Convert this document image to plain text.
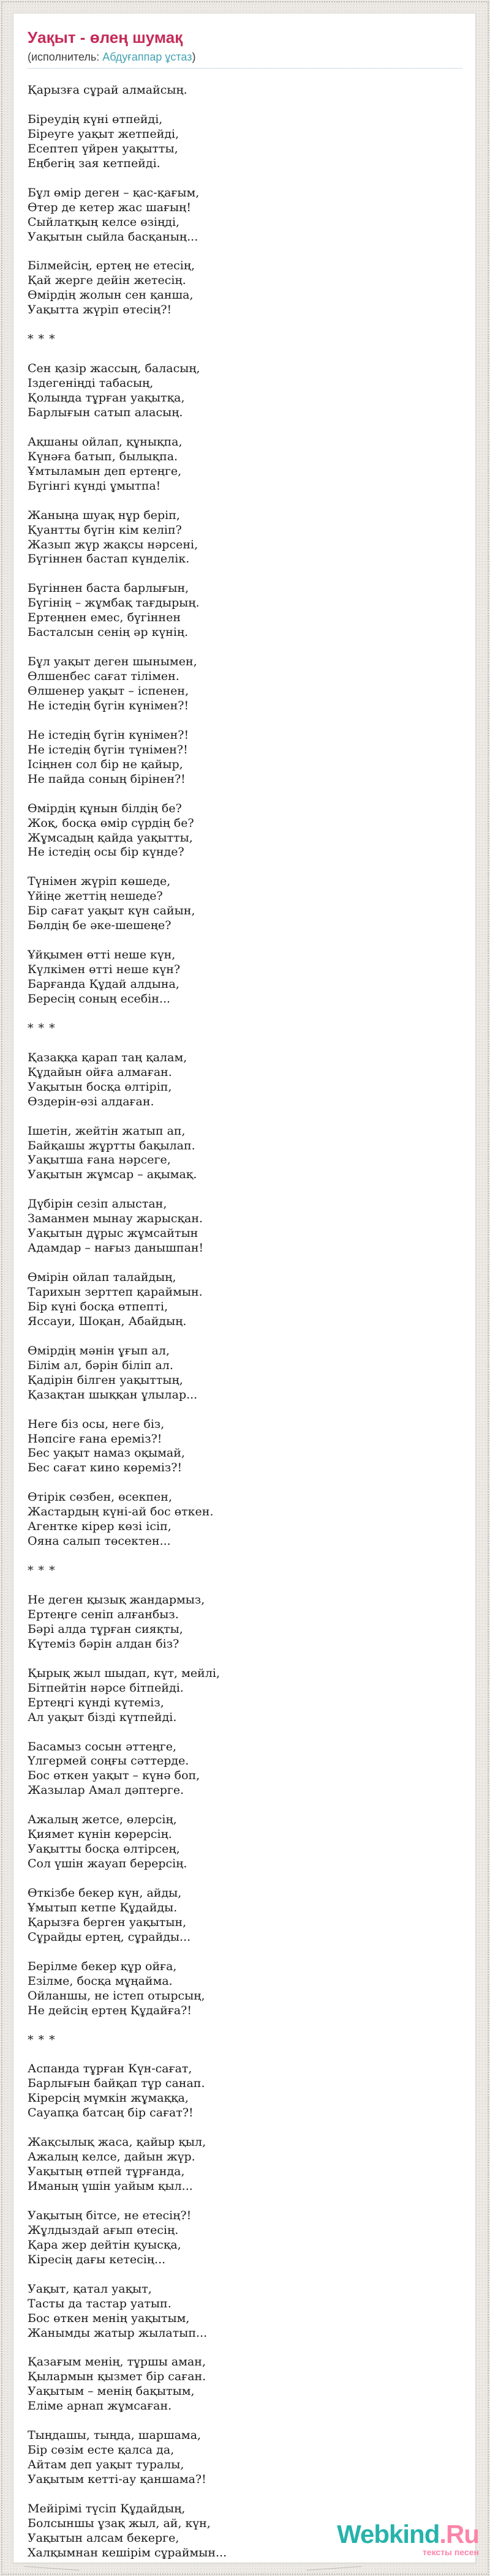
Уақыт - өлең шумақ

(исполнитель: Абдуғаппар ұстаз)

Қарызға сұрай алмайсың.

Біреудің күні өтпейді,
Біреуге уақыт жетпейді,
Есептеп үйрен уақытты,
Еңбегің зая кетпейді.

Бұл өмір деген – қас-қағым,
Өтер де кетер жас шағың!
Сыйлатқың келсе өзіңді,
Уақытын сыйла басқаның...

Білмейсің, ертең не етесің,
Қай жерге дейін жетесің.
Өмірдің жолын сен қанша,
Уақытта жүріп өтесің?!

* * *

Сен қазір жассың, баласың,
Іздегеніңді табасың,
Қолыңда тұрған уақытқа,
Барлығын сатып аласың.

Ақшаны ойлап, құнықпа,
Күнәға батып, былықпа.
Ұмтыламын деп ертеңге,
Бүгінгі күнді ұмытпа!

Жаныңа шуақ нұр беріп,
Қуантты бүгін кім келіп?
Жазып жүр жақсы нәрсені,
Бүгіннен бастап күнделік.

Бүгіннен баста барлығын,
Бүгінің – жұмбақ тағдырың.
Ертеңнен емес, бүгіннен
Басталсын сенің әр күнің.

Бұл уақыт деген шынымен,
Өлшенбес сағат тілімен.
Өлшенер уақыт – іспенен,
Не істедің бүгін күнімен?!

Не істедің бүгін күнімен?!
Не істедің бүгін түнімен?!
Ісіңнен сол бір не қайыр,
Не пайда соның бірінен?!

Өмірдің құнын білдің бе?
Жоқ, босқа өмір сүрдің бе?
Жұмсадың қайда уақытты,
Не істедің осы бір күнде?

Түнімен жүріп көшеде,
Үйіңе жеттің нешеде?
Бір сағат уақыт күн сайын,
Бөлдің бе әке-шешеңе?

Ұйқымен өтті неше күн,
Күлкімен өтті неше күн?
Барғанда Құдай алдына,
Бересің соның есебін...

* * *

Қазаққа қарап таң қалам,
Құдайын ойға алмаған.
Уақытын босқа өлтіріп,
Өздерін-өзі алдаған.

Ішетін, жейтін жатып ап,
Байқашы жұртты бақылап.
Уақытша ғана нәрсеге,
Уақытын жұмсар – ақымақ.

Дүбірін сезіп алыстан,
Заманмен мынау жарысқан.
Уақытын дұрыс жұмсайтын
Адамдар – нағыз данышпан!

Өмірін ойлап талайдың,
Тарихын зерттеп қараймын.
Бір күні босқа өтпепті,
Яссауи, Шоқан, Абайдың.

Өмірдің мәнін ұғып ал,
Білім ал, бәрін біліп ал.
Қадірін білген уақыттың,
Қазақтан шыққан ұлылар...

Неге біз осы, неге біз,
Нәпсіге ғана ереміз?!
Бес уақыт намаз оқымай,
Бес сағат кино көреміз?!

Өтірік сөзбен, өсекпен,
Жастардың күні-ай бос өткен.
Агентке кірер көзі ісіп,
Ояна салып төсектен...

* * *

Не деген қызық жандармыз,
Ертеңге сеніп алғанбыз.
Бәрі алда тұрған сияқты,
Күтеміз бәрін алдан біз?

Қырық жыл шыдап, күт, мейлі,
Бітпейтін нәрсе бітпейді.
Ертеңгі күнді күтеміз,
Ал уақыт бізді күтпейді.

Басамыз сосын әттеңге,
Үлгермей соңғы сәттерде.
Бос өткен уақыт – күнә боп,
Жазылар Амал дәптерге.

Ажалың жетсе, өлерсің,
Қиямет күнін көрерсің.
Уақытты босқа өлтірсең,
Сол үшін жауап берерсің.

Өткізбе бекер күн, айды,
Ұмытып кетпе Құдайды.
Қарызға берген уақытын,
Сұрайды ертең, сұрайды...

Берілме бекер құр ойға,
Езілме, босқа мұңайма.
Ойланшы, не істеп отырсың,
Не дейсің ертең Құдайға?!

* * *

Аспанда тұрған Күн-сағат,
Барлығын байқап тұр санап.
Кірерсің мүмкін жұмаққа,
Сауапқа батсаң бір сағат?!

Жақсылық жаса, қайыр қыл,
Ажалың келсе, дайын жүр.
Уақытың өтпей тұрғанда,
Иманың үшін уайым қыл...

Уақытың бітсе, не етесің?!
Жұлдыздай ағып өтесің.
Қара жер дейтін қуысқа,
Кіресің дағы кетесің...

Уақыт, қатал уақыт,
Тасты да тастар уатып.
Бос өткен менің уақытым,
Жанымды жатыр жылатып...

Қазағым менің, тұршы аман,
Қылармын қызмет бір саған.
Уақытым – менің бақытым,
Еліме арнап жұмсаған.

Тыңдашы, тыңда, шаршама,
Бір сөзім есте қалса да,
Айтам деп уақыт туралы,
Уақытым кетті-ау қаншама?!

Мейірімі түсіп Құдайдың,
Болсыншы ұзақ жыл, ай, күн,
Уақытын алсам бекерге,
Халқымнан кешірім сұраймын...

Webkind.Ru
тексты песен
